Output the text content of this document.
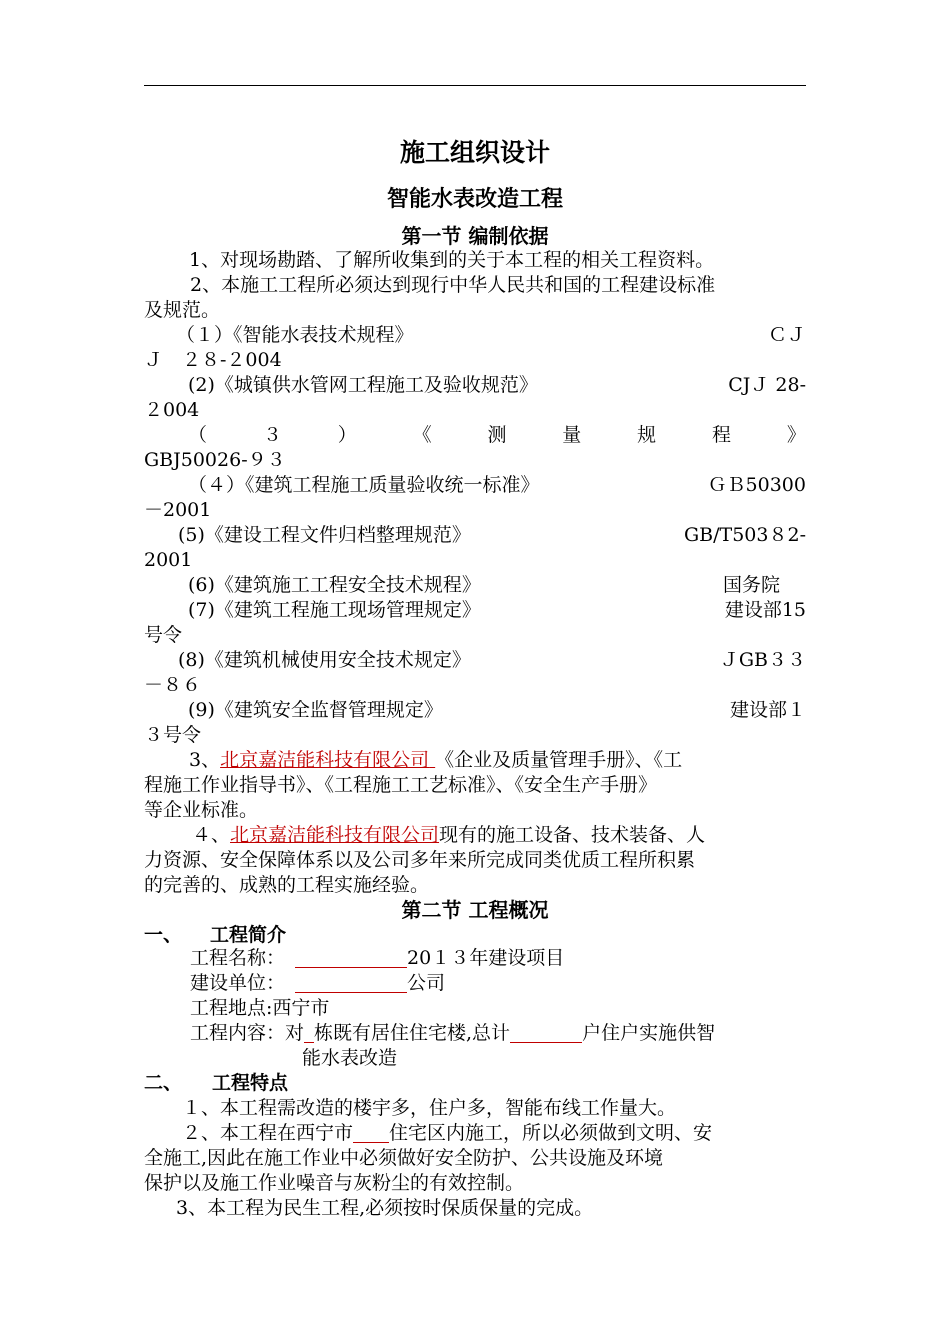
施工组织设计
智能水表改造工程
第一节 编制依据
1、对现场勘踏、了解所收集到的关于本工程的相关工程资料。
2、本施工工程所必须达到现行中华人民共和国的工程建设标准
及规范。
（１）《智能水表技术规程》	ＣＪ
Ｊ　２８-２004
(2)《城镇供水管网工程施工及验收规范》	CJＪ 28-
２004
（	３	）	《	测	量	规	程	》
GBJ50026-９３
（４）《建筑工程施工质量验收统一标准》	ＧＢ50300
－2001
(5)《建设工程文件归档整理规范》	GB/T503８2-
2001
(6)《建筑施工工程安全技术规程》	国务院
(7)《建筑工程施工现场管理规定》	建设部15
号令
(8)《建筑机械使用安全技术规定》	ＪGB３３
－８６
(9)《建筑安全监督管理规定》	建设部１
３号令
3、北京嘉洁能科技有限公司 《企业及质量管理手册》、《工
程施工作业指导书》、《工程施工工艺标准》、《安全生产手册》
等企业标准。
４、北京嘉洁能科技有限公司现有的施工设备、技术装备、人
力资源、安全保障体系以及公司多年来所完成同类优质工程所积累
的完善的、成熟的工程实施经验。
第二节 工程概况
一、 工程简介
工程名称：	20１３年建设项目
建设单位：	公司
工程地点:西宁市
工程内容：对 栋既有居住住宅楼,总计	户住户实施供智
能水表改造
二、 工程特点
１、本工程需改造的楼宇多，住户多，智能布线工作量大。
２、本工程在西宁市 住宅区内施工，所以必须做到文明、安
全施工,因此在施工作业中必须做好安全防护、公共设施及环境
保护以及施工作业噪音与灰粉尘的有效控制。
3、本工程为民生工程,必须按时保质保量的完成。
